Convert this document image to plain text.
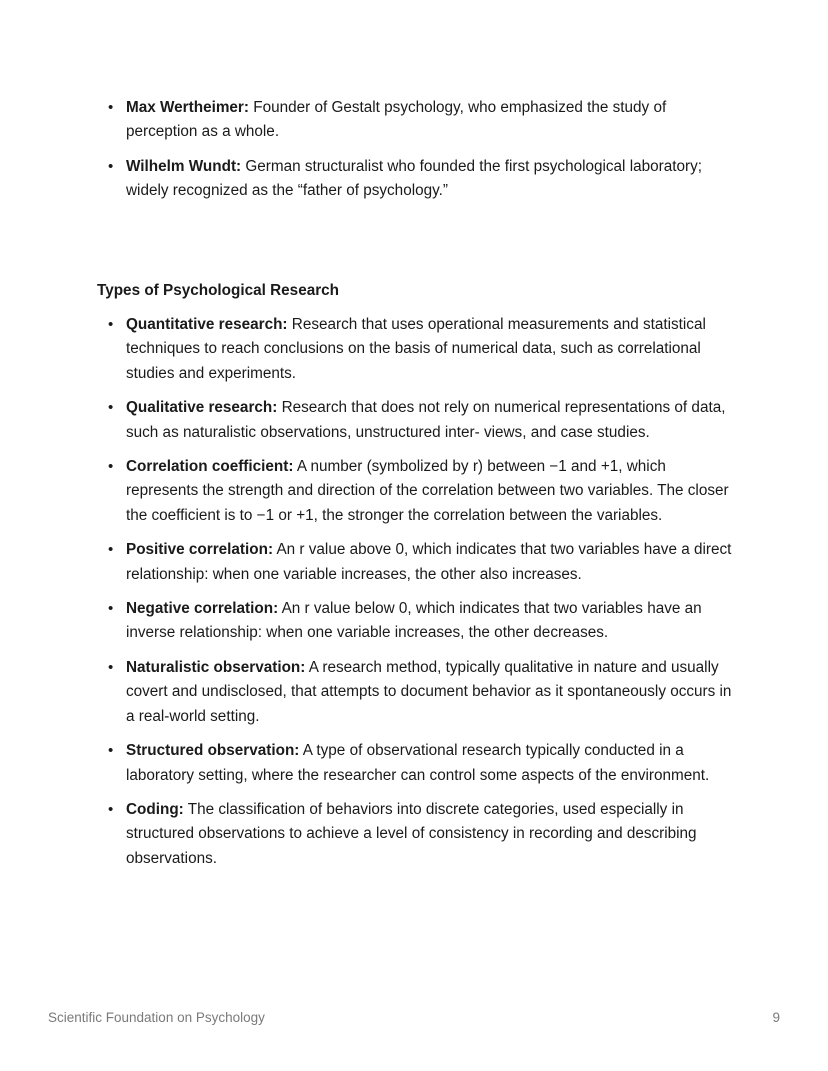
• Max Wertheimer: Founder of Gestalt psychology, who emphasized the study of perception as a whole.
• Wilhelm Wundt: German structuralist who founded the first psychological laboratory; widely recognized as the “father of psychology.”
Types of Psychological Research
• Quantitative research: Research that uses operational measurements and statistical techniques to reach conclusions on the basis of numerical data, such as correlational studies and experiments.
• Qualitative research: Research that does not rely on numerical representations of data, such as naturalistic observations, unstructured inter- views, and case studies.
• Correlation coefficient: A number (symbolized by r) between −1 and +1, which represents the strength and direction of the correlation between two variables. The closer the coefficient is to −1 or +1, the stronger the correlation between the variables.
• Positive correlation: An r value above 0, which indicates that two variables have a direct relationship: when one variable increases, the other also increases.
• Negative correlation: An r value below 0, which indicates that two variables have an inverse relationship: when one variable increases, the other decreases.
• Naturalistic observation: A research method, typically qualitative in nature and usually covert and undisclosed, that attempts to document behavior as it spontaneously occurs in a real-world setting.
• Structured observation: A type of observational research typically conducted in a laboratory setting, where the researcher can control some aspects of the environment.
• Coding: The classification of behaviors into discrete categories, used especially in structured observations to achieve a level of consistency in recording and describing observations.
Scientific Foundation on Psychology	9
